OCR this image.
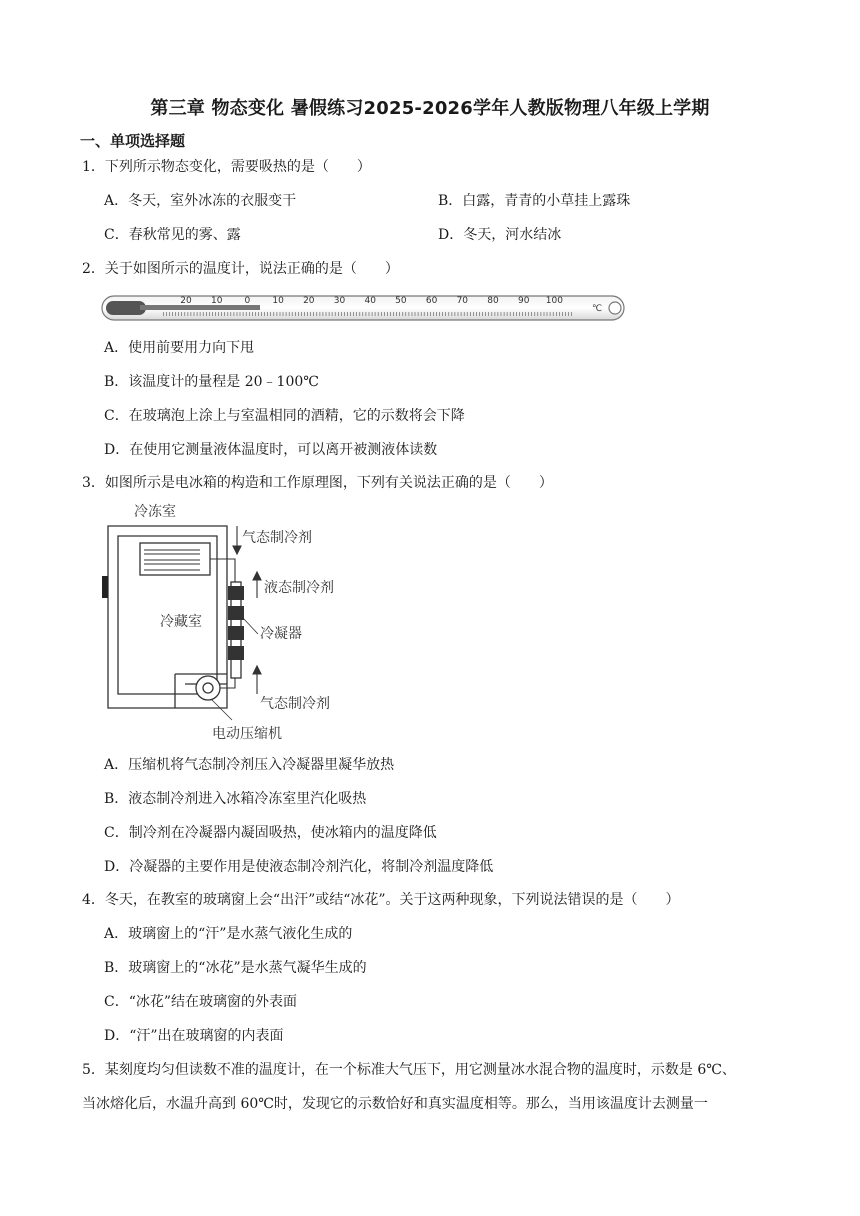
第三章 物态变化 暑假练习2025-2026学年人教版物理八年级上学期
一、单项选择题
1．下列所示物态变化，需要吸热的是（　　）
A．冬天，室外冰冻的衣服变干	B．白露，青青的小草挂上露珠
C．春秋常见的雾、露	D．冬天，河水结冰
2．关于如图所示的温度计，说法正确的是（　　）
20 10 0 10 20 30 40 50 60 70 80 90 100
℃
A．使用前要用力向下甩
B．该温度计的量程是 20﹣100℃
C．在玻璃泡上涂上与室温相同的酒精，它的示数将会下降
D．在使用它测量液体温度时，可以离开被测液体读数
3．如图所示是电冰箱的构造和工作原理图，下列有关说法正确的是（　　）
冷冻室
冷藏室
气态制冷剂
液态制冷剂
冷凝器
气态制冷剂
电动压缩机
A．压缩机将气态制冷剂压入冷凝器里凝华放热
B．液态制冷剂进入冰箱冷冻室里汽化吸热
C．制冷剂在冷凝器内凝固吸热，使冰箱内的温度降低
D．冷凝器的主要作用是使液态制冷剂汽化，将制冷剂温度降低
4．冬天，在教室的玻璃窗上会“出汗”或结“冰花”。关于这两种现象，下列说法错误的是（　　）
A．玻璃窗上的“汗”是水蒸气液化生成的
B．玻璃窗上的“冰花”是水蒸气凝华生成的
C．“冰花”结在玻璃窗的外表面
D．“汗”出在玻璃窗的内表面
5．某刻度均匀但读数不准的温度计，在一个标准大气压下，用它测量冰水混合物的温度时，示数是 6℃、
当冰熔化后，水温升高到 60℃时，发现它的示数恰好和真实温度相等。那么，当用该温度计去测量一
